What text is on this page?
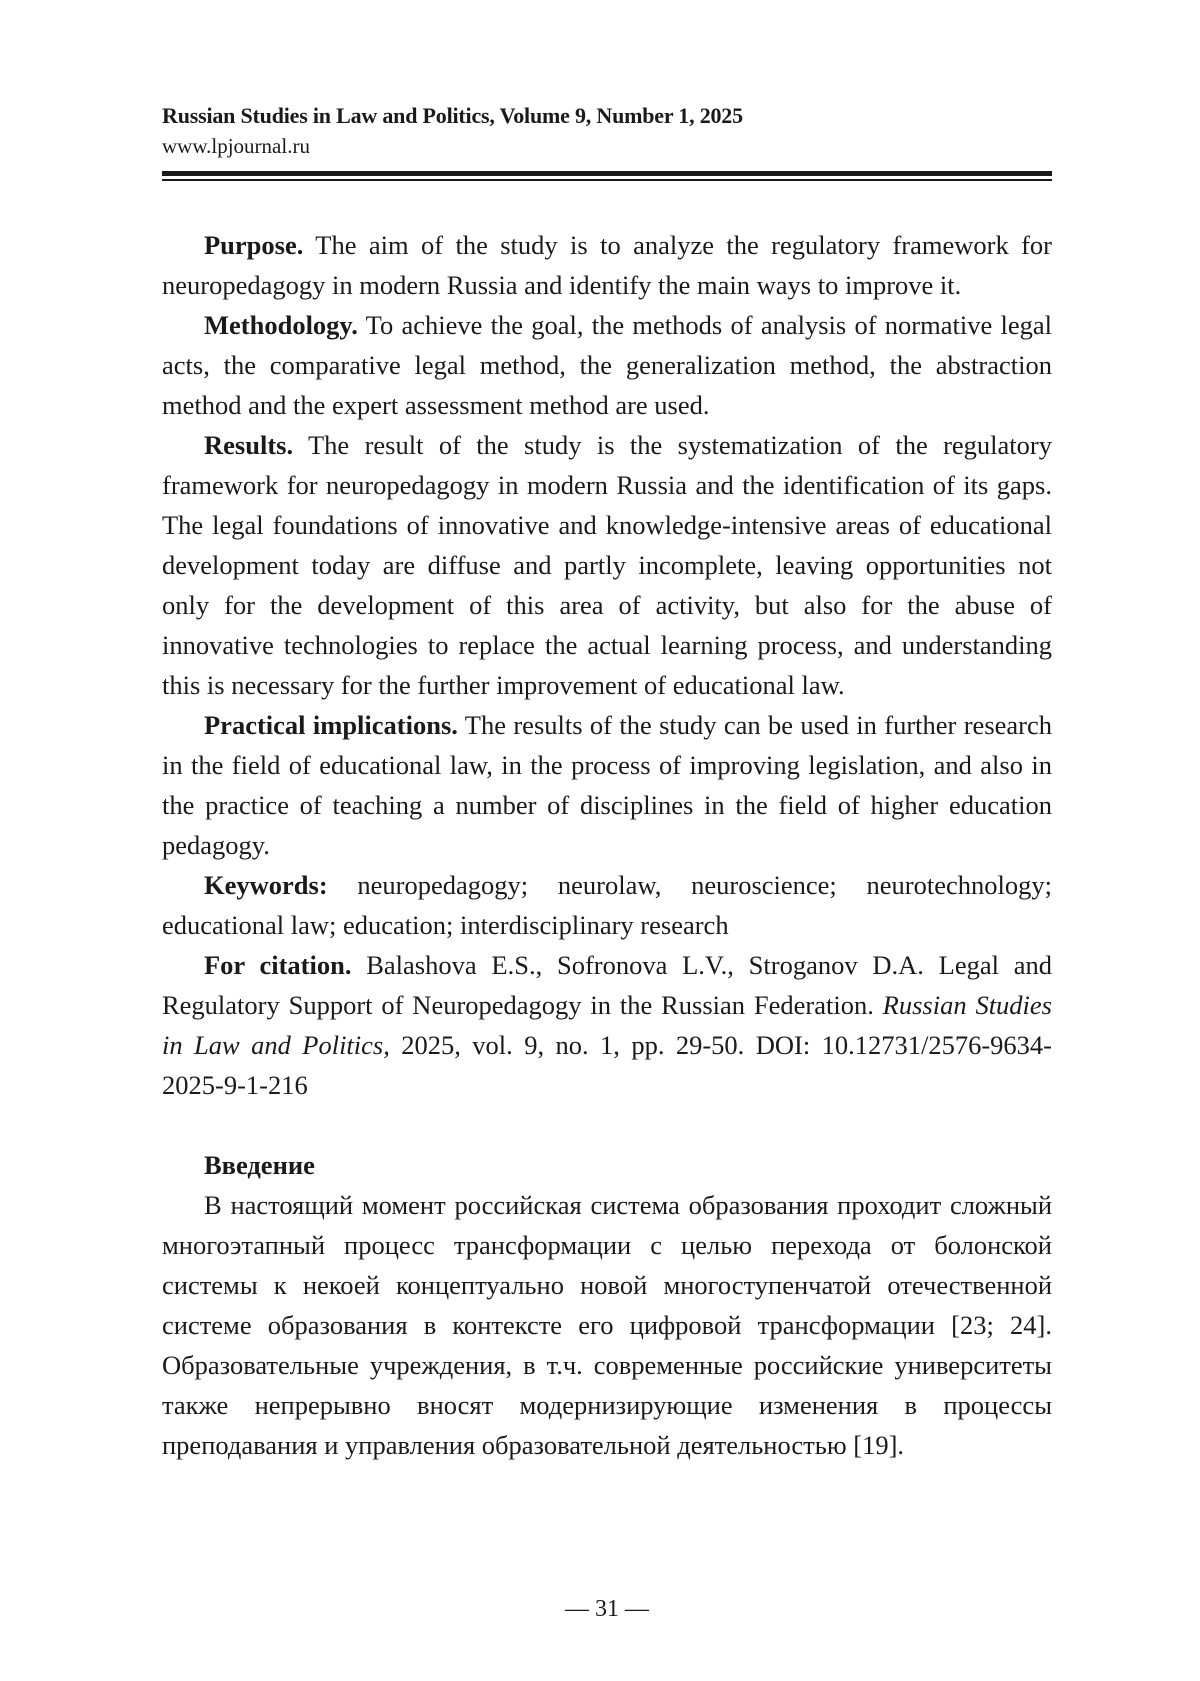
Russian Studies in Law and Politics, Volume 9, Number 1, 2025
www.lpjournal.ru

Purpose. The aim of the study is to analyze the regulatory framework for neuropedagogy in modern Russia and identify the main ways to improve it.

Methodology. To achieve the goal, the methods of analysis of normative legal acts, the comparative legal method, the generalization method, the abstraction method and the expert assessment method are used.

Results. The result of the study is the systematization of the regulatory framework for neuropedagogy in modern Russia and the identification of its gaps. The legal foundations of innovative and knowledge-intensive areas of educational development today are diffuse and partly incomplete, leaving opportunities not only for the development of this area of activity, but also for the abuse of innovative technologies to replace the actual learning process, and understanding this is necessary for the further improvement of educational law.

Practical implications. The results of the study can be used in further research in the field of educational law, in the process of improving legislation, and also in the practice of teaching a number of disciplines in the field of higher education pedagogy.

Keywords: neuropedagogy; neurolaw, neuroscience; neurotechnology; educational law; education; interdisciplinary research

For citation. Balashova E.S., Sofronova L.V., Stroganov D.A. Legal and Regulatory Support of Neuropedagogy in the Russian Federation. Russian Studies in Law and Politics, 2025, vol. 9, no. 1, pp. 29-50. DOI: 10.12731/2576-9634-2025-9-1-216

Введение

В настоящий момент российская система образования проходит сложный многоэтапный процесс трансформации с целью перехода от болонской системы к некоей концептуально новой многоступенчатой отечественной системе образования в контексте его цифровой трансформации [23; 24]. Образовательные учреждения, в т.ч. современные российские университеты также непрерывно вносят модернизирующие изменения в процессы преподавания и управления образовательной деятельностью [19].

— 31 —
